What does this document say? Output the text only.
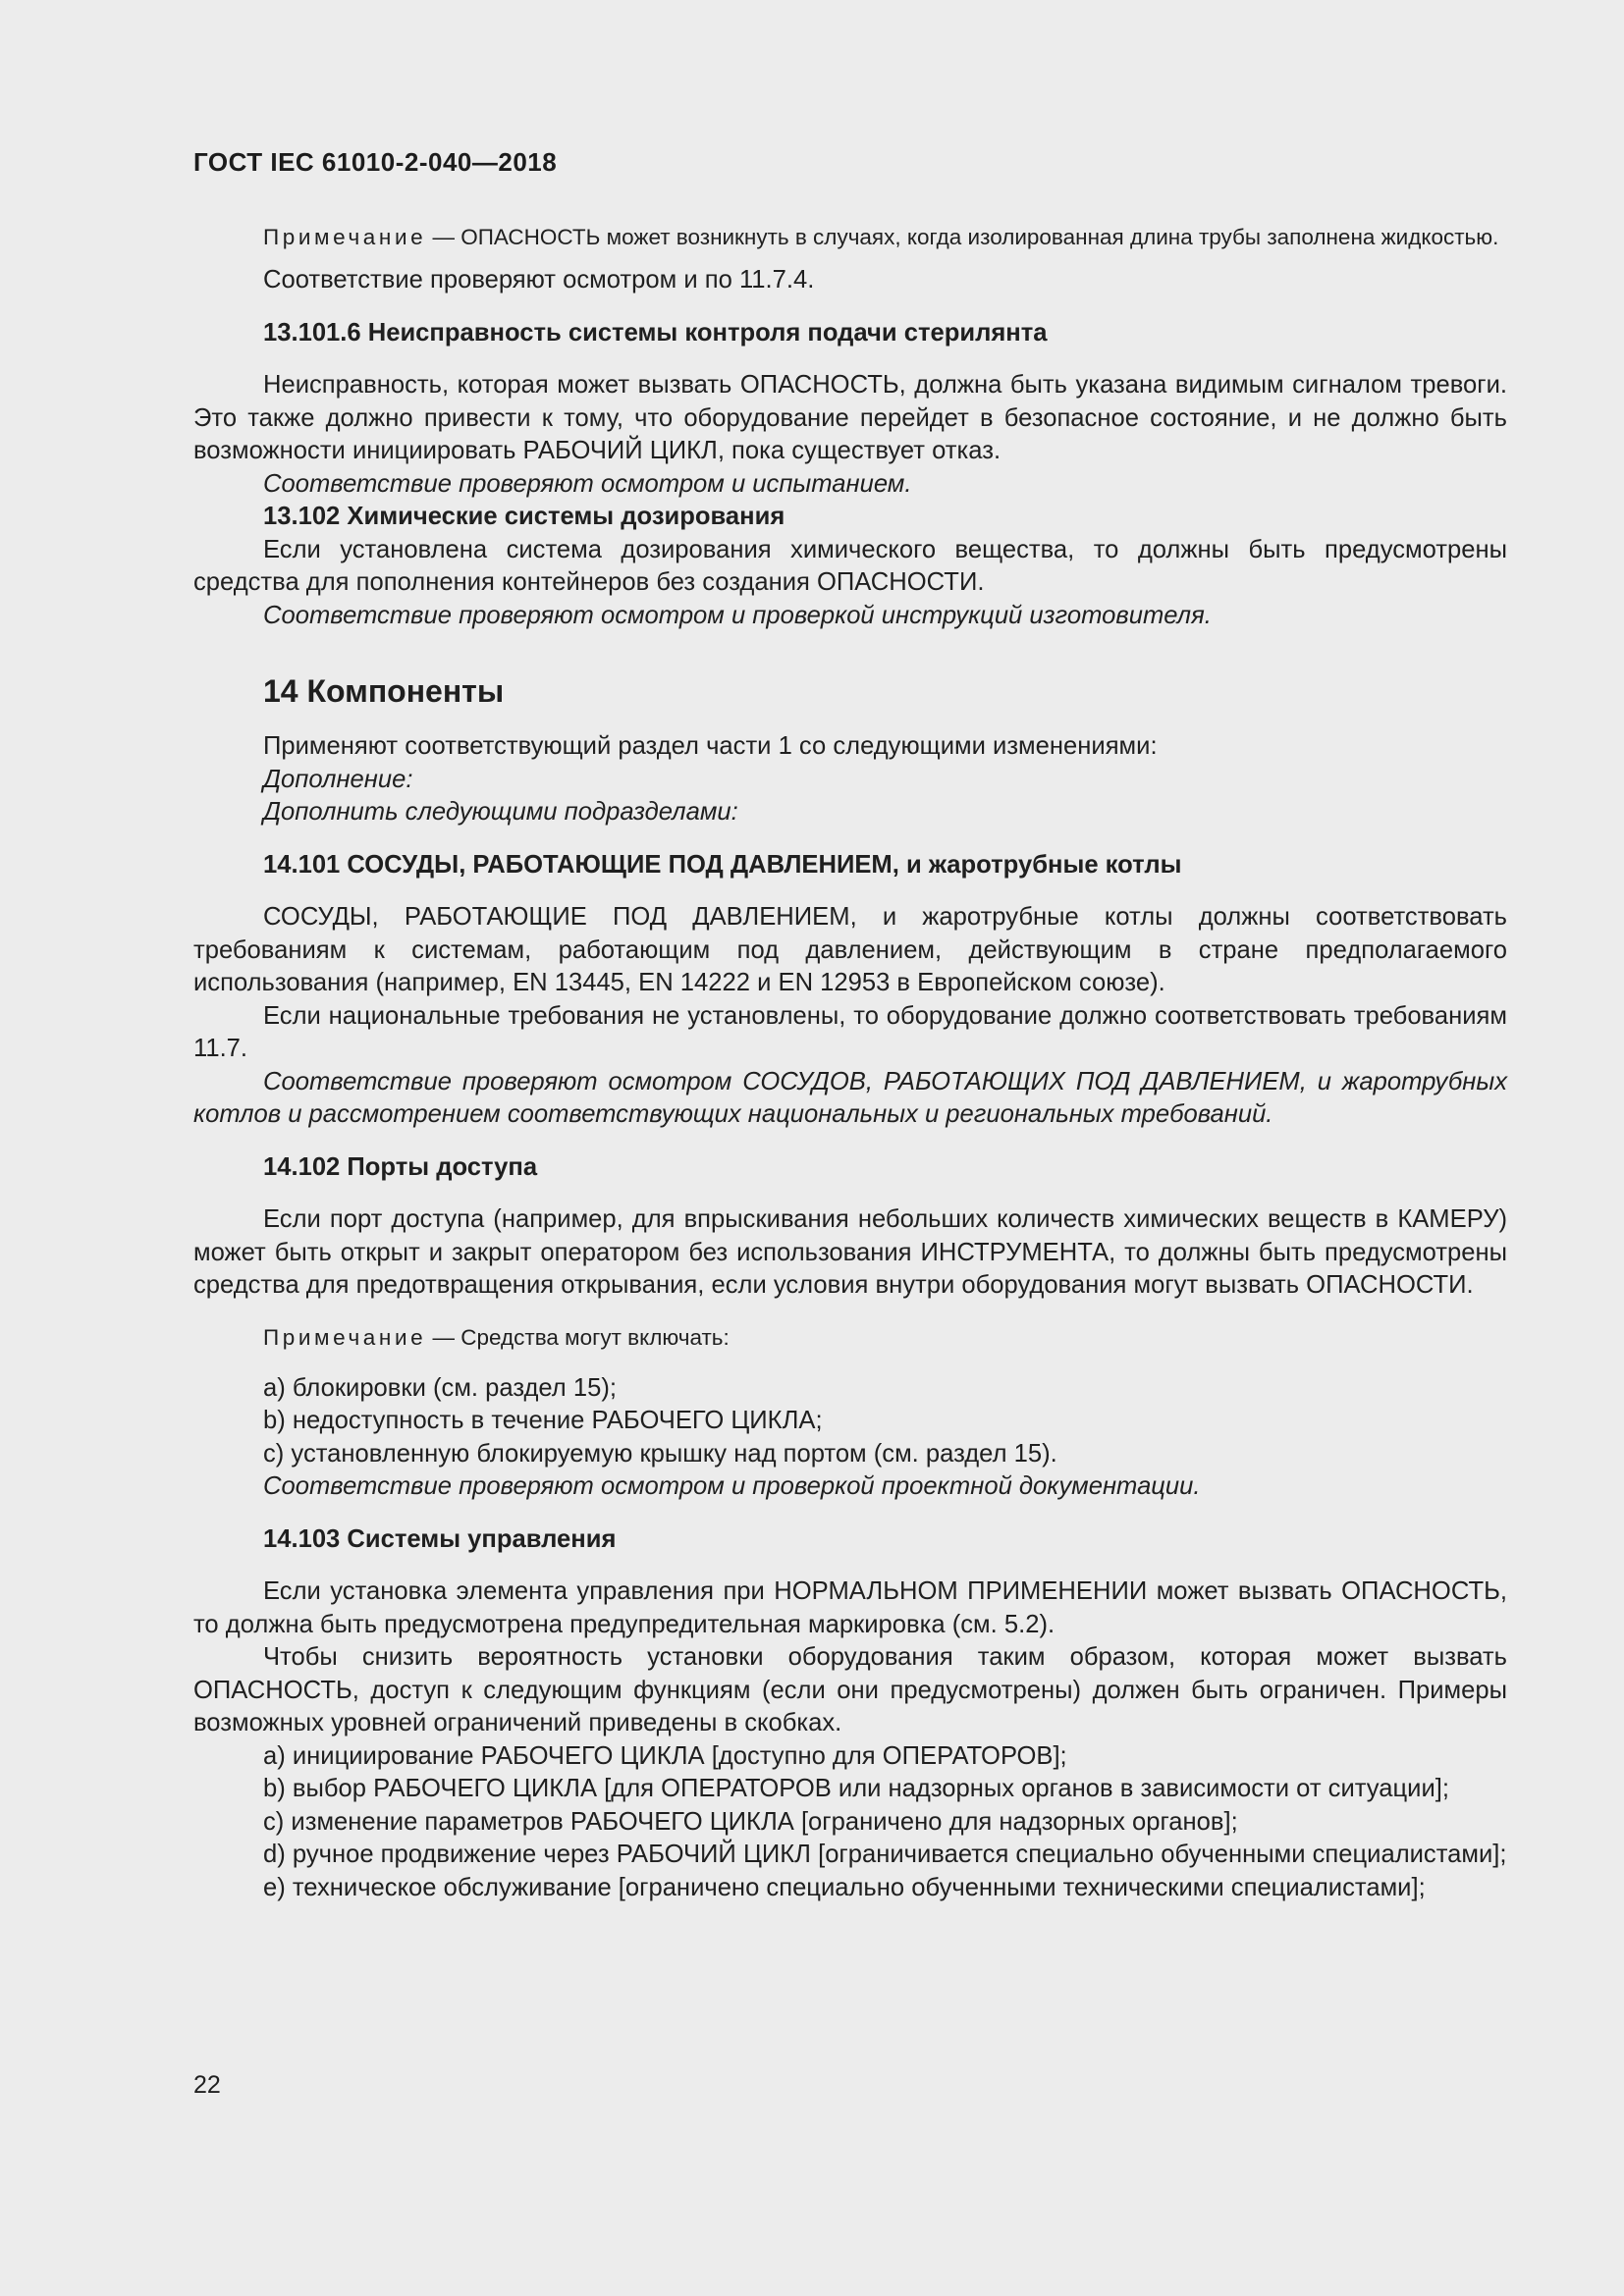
ГОСТ IEC 61010-2-040—2018

Примечание — ОПАСНОСТЬ может возникнуть в случаях, когда изолированная длина трубы заполнена жидкостью.

Соответствие проверяют осмотром и по 11.7.4.

13.101.6 Неисправность системы контроля подачи стерилянта

Неисправность, которая может вызвать ОПАСНОСТЬ, должна быть указана видимым сигналом тревоги. Это также должно привести к тому, что оборудование перейдет в безопасное состояние, и не должно быть возможности инициировать РАБОЧИЙ ЦИКЛ, пока существует отказ.

Соответствие проверяют осмотром и испытанием.

13.102 Химические системы дозирования

Если установлена система дозирования химического вещества, то должны быть предусмотрены средства для пополнения контейнеров без создания ОПАСНОСТИ.

Соответствие проверяют осмотром и проверкой инструкций изготовителя.

14 Компоненты

Применяют соответствующий раздел части 1 со следующими изменениями:

Дополнение:

Дополнить следующими подразделами:

14.101 СОСУДЫ, РАБОТАЮЩИЕ ПОД ДАВЛЕНИЕМ, и жаротрубные котлы

СОСУДЫ, РАБОТАЮЩИЕ ПОД ДАВЛЕНИЕМ, и жаротрубные котлы должны соответствовать требованиям к системам, работающим под давлением, действующим в стране предполагаемого использования (например, EN 13445, EN 14222 и EN 12953 в Европейском союзе).

Если национальные требования не установлены, то оборудование должно соответствовать требованиям 11.7.

Соответствие проверяют осмотром СОСУДОВ, РАБОТАЮЩИХ ПОД ДАВЛЕНИЕМ, и жаротрубных котлов и рассмотрением соответствующих национальных и региональных требований.

14.102 Порты доступа

Если порт доступа (например, для впрыскивания небольших количеств химических веществ в КАМЕРУ) может быть открыт и закрыт оператором без использования ИНСТРУМЕНТА, то должны быть предусмотрены средства для предотвращения открывания, если условия внутри оборудования могут вызвать ОПАСНОСТИ.

Примечание — Средства могут включать:

a) блокировки (см. раздел 15);

b) недоступность в течение РАБОЧЕГО ЦИКЛА;

c) установленную блокируемую крышку над портом (см. раздел 15).

Соответствие проверяют осмотром и проверкой проектной документации.

14.103 Системы управления

Если установка элемента управления при НОРМАЛЬНОМ ПРИМЕНЕНИИ может вызвать ОПАСНОСТЬ, то должна быть предусмотрена предупредительная маркировка (см. 5.2).

Чтобы снизить вероятность установки оборудования таким образом, которая может вызвать ОПАСНОСТЬ, доступ к следующим функциям (если они предусмотрены) должен быть ограничен. Примеры возможных уровней ограничений приведены в скобках.

a) инициирование РАБОЧЕГО ЦИКЛА [доступно для ОПЕРАТОРОВ];

b) выбор РАБОЧЕГО ЦИКЛА [для ОПЕРАТОРОВ или надзорных органов в зависимости от ситуации];

c) изменение параметров РАБОЧЕГО ЦИКЛА [ограничено для надзорных органов];

d) ручное продвижение через РАБОЧИЙ ЦИКЛ [ограничивается специально обученными специалистами];

e) техническое обслуживание [ограничено специально обученными техническими специалистами];

22
